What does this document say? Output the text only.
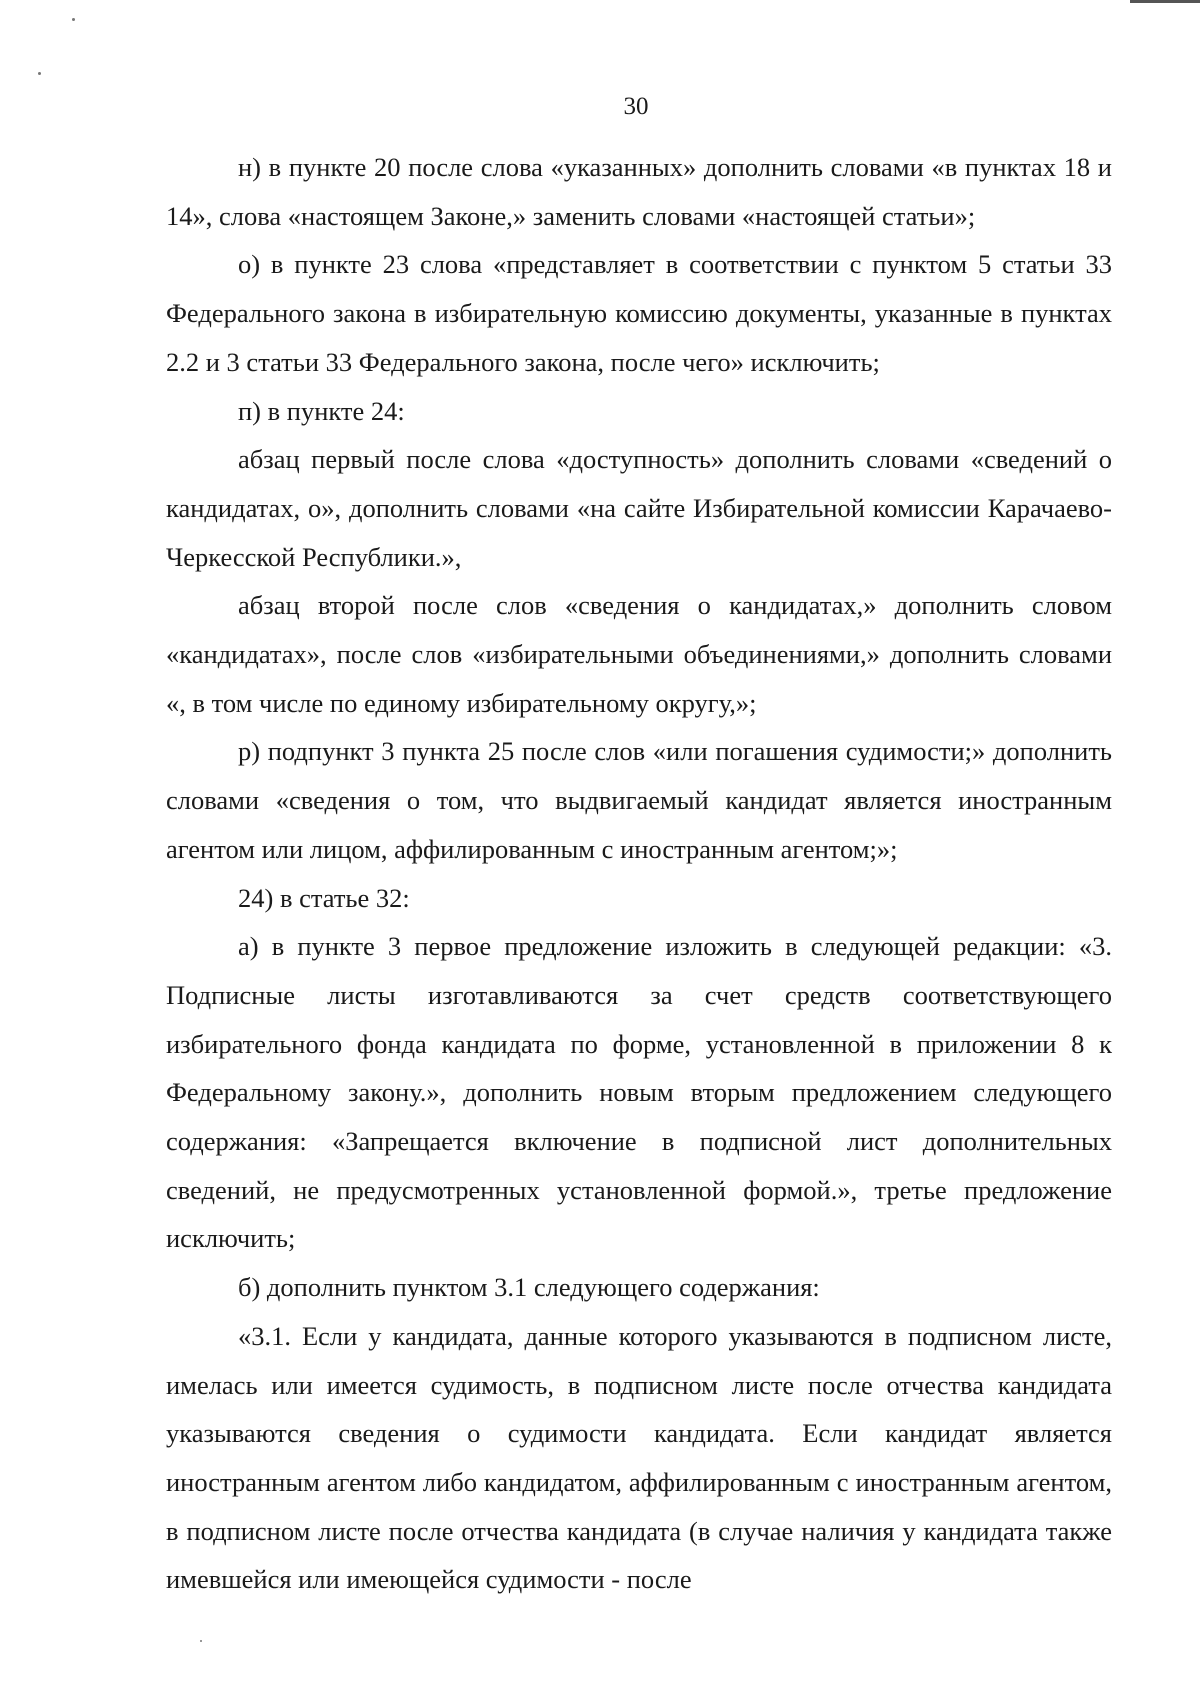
30

н) в пункте 20 после слова «указанных» дополнить словами «в пунктах 18 и 14», слова «настоящем Законе,» заменить словами «настоящей статьи»;

о) в пункте 23 слова «представляет в соответствии с пунктом 5 статьи 33 Федерального закона в избирательную комиссию документы, указанные в пунктах 2.2 и 3 статьи 33 Федерального закона, после чего» исключить;

п) в пункте 24:

абзац первый после слова «доступность» дополнить словами «сведений о кандидатах, о», дополнить словами «на сайте Избирательной комиссии Карачаево-Черкесской Республики.»,

абзац второй после слов «сведения о кандидатах,» дополнить словом «кандидатах», после слов «избирательными объединениями,» дополнить словами «, в том числе по единому избирательному округу,»;

р) подпункт 3 пункта 25 после слов «или погашения судимости;» дополнить словами «сведения о том, что выдвигаемый кандидат является иностранным агентом или лицом, аффилированным с иностранным агентом;»;

24) в статье 32:

а) в пункте 3 первое предложение изложить в следующей редакции: «3. Подписные листы изготавливаются за счет средств соответствующего избирательного фонда кандидата по форме, установленной в приложении 8 к Федеральному закону.», дополнить новым вторым предложением следующего содержания: «Запрещается включение в подписной лист дополнительных сведений, не предусмотренных установленной формой.», третье предложение исключить;

б) дополнить пунктом 3.1 следующего содержания:

«3.1. Если у кандидата, данные которого указываются в подписном листе, имелась или имеется судимость, в подписном листе после отчества кандидата указываются сведения о судимости кандидата. Если кандидат является иностранным агентом либо кандидатом, аффилированным с иностранным агентом, в подписном листе после отчества кандидата (в случае наличия у кандидата также имевшейся или имеющейся судимости - после
